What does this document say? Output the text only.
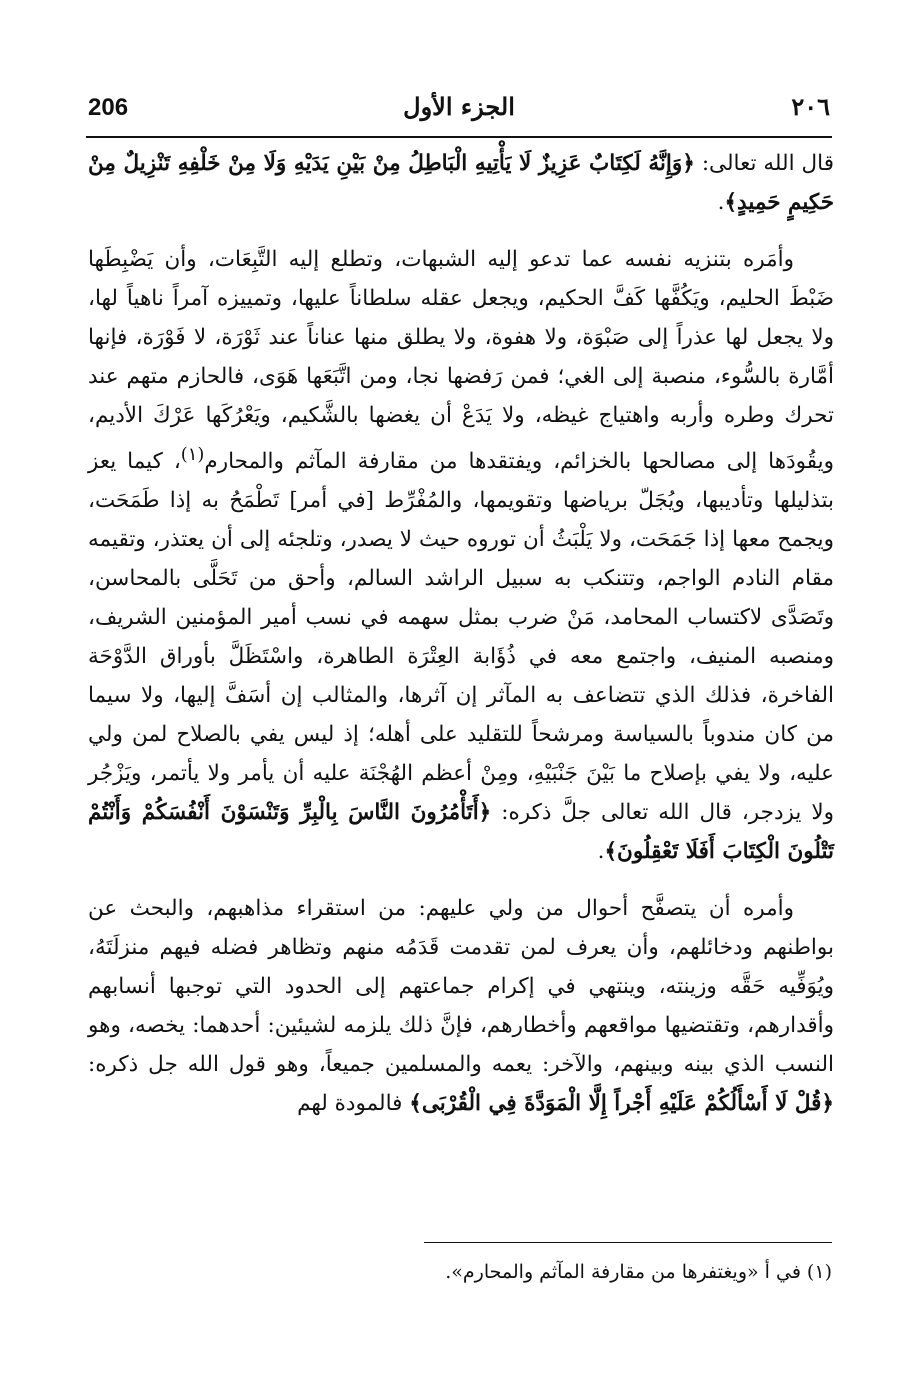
206	الجزء الأول	٢٠٦

قال الله تعالى: ﴿وَإِنَّهُ لَكِتَابٌ عَزِيزٌ لَا يَأْتِيهِ الْبَاطِلُ مِنْ بَيْنِ يَدَيْهِ وَلَا مِنْ خَلْفِهِ تَنْزِيلٌ مِنْ حَكِيمٍ حَمِيدٍ﴾.

وأمَره بتنزيه نفسه عما تدعو إليه الشبهات، وتطلع إليه التَّبِعَات، وأن يَضْبِطَها ضَبْطَ الحليم، ويَكُفَّها كَفَّ الحكيم، ويجعل عقله سلطاناً عليها، وتمييزه آمراً ناهياً لها، ولا يجعل لها عذراً إلى صَبْوَة، ولا هفوة، ولا يطلق منها عناناً عند ثَوْرَة، لا فَوْرَة، فإنها أمَّارة بالسُّوء، منصبة إلى الغي؛ فمن رَفضها نجا، ومن اتَّبَعَها هَوَى، فالحازم متهم عند تحرك وطره وأربه واهتياج غيظه، ولا يَدَعْ أن يغضها بالشَّكيم، ويَعْرُكَها عَرْكَ الأديم، ويقُودَها إلى مصالحها بالخزائم، ويفتقدها من مقارفة المآثم والمحارم$^{(١)}$، كيما يعز بتذليلها وتأديبها، ويُجَلّ برياضها وتقويمها، والمُفْرِّط [في أمر] تَطْمَحُ به إذا طَمَحَت، ويجمح معها إذا جَمَحَت، ولا يَلْبَثُ أن توروه حيث لا يصدر، وتلجئه إلى أن يعتذر، وتقيمه مقام النادم الواجم، وتتنكب به سبيل الراشد السالم، وأحق من تَحَلَّى بالمحاسن، وتَصَدَّى لاكتساب المحامد، مَنْ ضرب بمثل سهمه في نسب أمير المؤمنين الشريف، ومنصبه المنيف، واجتمع معه في ذُؤَابة العِتْرَة الطاهرة، واسْتَظَلَّ بأوراق الدَّوْحَة الفاخرة، فذلك الذي تتضاعف به المآثر إن آثرها، والمثالب إن أسَفَّ إليها، ولا سيما من كان مندوباً بالسياسة ومرشحاً للتقليد على أهله؛ إذ ليس يفي بالصلاح لمن ولي عليه، ولا يفي بإصلاح ما بَيْنَ جَنْبَيْهِ، ومِنْ أعظم الهُجْنَة عليه أن يأمر ولا يأتمر، ويَزْجُر ولا يزدجر، قال الله تعالى جلَّ ذكره: ﴿أَتَأْمُرُونَ النَّاسَ بِالْبِرِّ وَتَنْسَوْنَ أَنْفُسَكُمْ وَأَنْتُمْ تَتْلُونَ الْكِتَابَ أَفَلَا تَعْقِلُونَ﴾.

وأمره أن يتصفَّح أحوال من ولي عليهم: من استقراء مذاهبهم، والبحث عن بواطنهم ودخائلهم، وأن يعرف لمن تقدمت قَدَمُه منهم وتظاهر فضله فيهم منزلَتَهُ، ويُوَفِّيه حَقَّه وزينته، وينتهي في إكرام جماعتهم إلى الحدود التي توجبها أنسابهم وأقدارهم، وتقتضيها مواقعهم وأخطارهم، فإنَّ ذلك يلزمه لشيئين: أحدهما: يخصه، وهو النسب الذي بينه وبينهم، والآخر: يعمه والمسلمين جميعاً، وهو قول الله جل ذكره: ﴿قُلْ لَا أَسْأَلُكُمْ عَلَيْهِ أَجْراً إِلَّا الْمَوَدَّةَ فِي الْقُرْبَى﴾ فالمودة لهم

(١) في أ «ويغتفرها من مقارفة المآثم والمحارم».
